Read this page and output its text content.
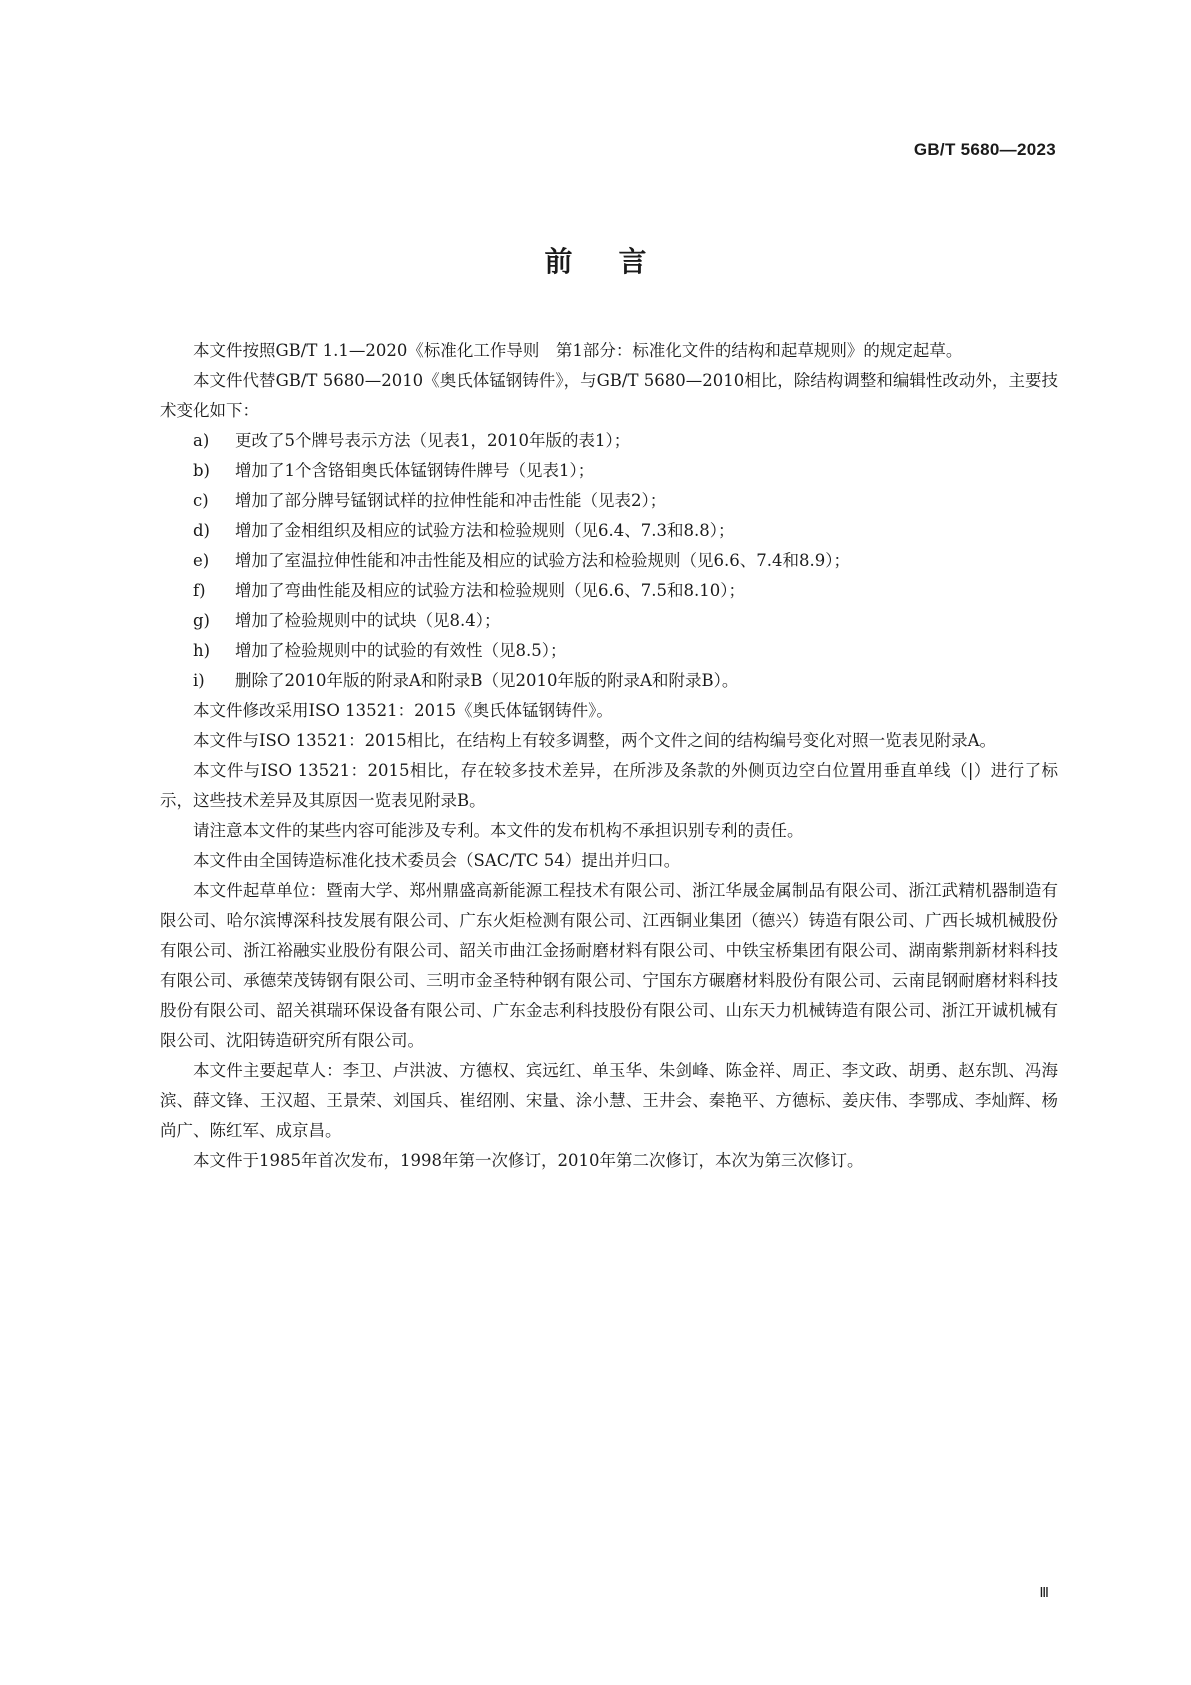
GB/T 5680—2023
前言

本文件按照GB/T 1.1—2020《标准化工作导则　第1部分：标准化文件的结构和起草规则》的规定起草。

本文件代替GB/T 5680—2010《奥氏体锰钢铸件》，与GB/T 5680—2010相比，除结构调整和编辑性改动外，主要技术变化如下：

a)	更改了5个牌号表示方法（见表1，2010年版的表1）；
b)	增加了1个含铬钼奥氏体锰钢铸件牌号（见表1）；
c)	增加了部分牌号锰钢试样的拉伸性能和冲击性能（见表2）；
d)	增加了金相组织及相应的试验方法和检验规则（见6.4、7.3和8.8）；
e)	增加了室温拉伸性能和冲击性能及相应的试验方法和检验规则（见6.6、7.4和8.9）；
f)	增加了弯曲性能及相应的试验方法和检验规则（见6.6、7.5和8.10）；
g)	增加了检验规则中的试块（见8.4）；
h)	增加了检验规则中的试验的有效性（见8.5）；
i)	删除了2010年版的附录A和附录B（见2010年版的附录A和附录B）。

本文件修改采用ISO 13521：2015《奥氏体锰钢铸件》。

本文件与ISO 13521：2015相比，在结构上有较多调整，两个文件之间的结构编号变化对照一览表见附录A。

本文件与ISO 13521：2015相比，存在较多技术差异，在所涉及条款的外侧页边空白位置用垂直单线（|）进行了标示，这些技术差异及其原因一览表见附录B。

请注意本文件的某些内容可能涉及专利。本文件的发布机构不承担识别专利的责任。

本文件由全国铸造标准化技术委员会（SAC/TC 54）提出并归口。

本文件起草单位：暨南大学、郑州鼎盛高新能源工程技术有限公司、浙江华晟金属制品有限公司、浙江武精机器制造有限公司、哈尔滨博深科技发展有限公司、广东火炬检测有限公司、江西铜业集团（德兴）铸造有限公司、广西长城机械股份有限公司、浙江裕融实业股份有限公司、韶关市曲江金扬耐磨材料有限公司、中铁宝桥集团有限公司、湖南紫荆新材料科技有限公司、承德荣茂铸钢有限公司、三明市金圣特种钢有限公司、宁国东方碾磨材料股份有限公司、云南昆钢耐磨材料科技股份有限公司、韶关祺瑞环保设备有限公司、广东金志利科技股份有限公司、山东天力机械铸造有限公司、浙江开诚机械有限公司、沈阳铸造研究所有限公司。

本文件主要起草人：李卫、卢洪波、方德权、宾远红、单玉华、朱剑峰、陈金祥、周正、李文政、胡勇、赵东凯、冯海滨、薛文锋、王汉超、王景荣、刘国兵、崔绍刚、宋量、涂小慧、王井会、秦艳平、方德标、姜庆伟、李鄂成、李灿辉、杨尚广、陈红军、成京昌。

本文件于1985年首次发布，1998年第一次修订，2010年第二次修订，本次为第三次修订。

Ⅲ
